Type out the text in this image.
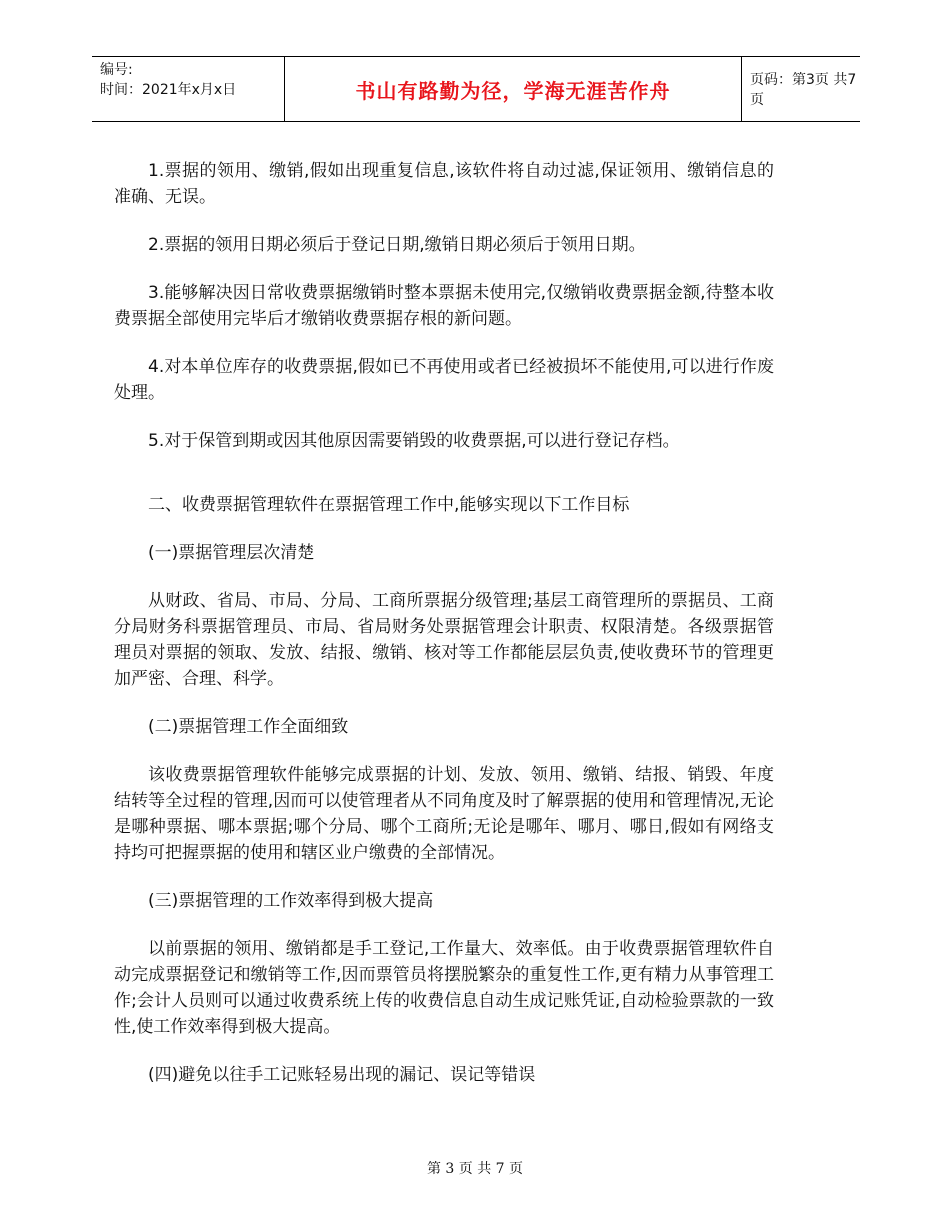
编号:
时间：2021年x月x日	书山有路勤为径，学海无涯苦作舟	页码：第3页 共7页

1.票据的领用、缴销,假如出现重复信息,该软件将自动过滤,保证领用、缴销信息的准确、无误。

2.票据的领用日期必须后于登记日期,缴销日期必须后于领用日期。

3.能够解决因日常收费票据缴销时整本票据未使用完,仅缴销收费票据金额,待整本收费票据全部使用完毕后才缴销收费票据存根的新问题。

4.对本单位库存的收费票据,假如已不再使用或者已经被损坏不能使用,可以进行作废处理。

5.对于保管到期或因其他原因需要销毁的收费票据,可以进行登记存档。

二、收费票据管理软件在票据管理工作中,能够实现以下工作目标

(一)票据管理层次清楚

从财政、省局、市局、分局、工商所票据分级管理;基层工商管理所的票据员、工商分局财务科票据管理员、市局、省局财务处票据管理会计职责、权限清楚。各级票据管理员对票据的领取、发放、结报、缴销、核对等工作都能层层负责,使收费环节的管理更加严密、合理、科学。

(二)票据管理工作全面细致

该收费票据管理软件能够完成票据的计划、发放、领用、缴销、结报、销毁、年度结转等全过程的管理,因而可以使管理者从不同角度及时了解票据的使用和管理情况,无论是哪种票据、哪本票据;哪个分局、哪个工商所;无论是哪年、哪月、哪日,假如有网络支持均可把握票据的使用和辖区业户缴费的全部情况。

(三)票据管理的工作效率得到极大提高

以前票据的领用、缴销都是手工登记,工作量大、效率低。由于收费票据管理软件自动完成票据登记和缴销等工作,因而票管员将摆脱繁杂的重复性工作,更有精力从事管理工作;会计人员则可以通过收费系统上传的收费信息自动生成记账凭证,自动检验票款的一致性,使工作效率得到极大提高。

(四)避免以往手工记账轻易出现的漏记、误记等错误

第 3 页 共 7 页
